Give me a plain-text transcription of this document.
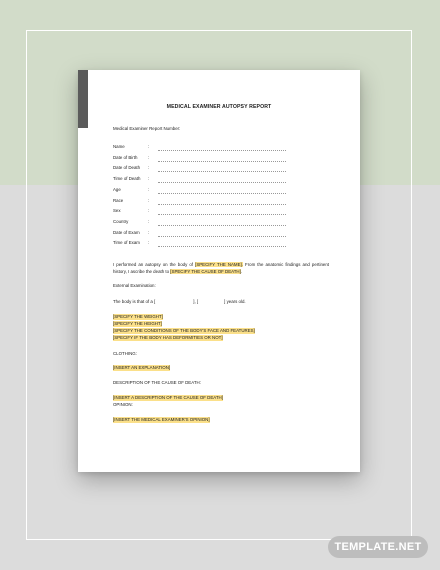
MEDICAL EXAMINER AUTOPSY REPORT
Medical Examiner Report Number:
Name	:
Date of Birth :
Date of Death :
Time of Death :
Age	:
Race	:
Sex	:
Country	:
Date of Exam :
Time of Exam :
I performed an autopsy on the body of [SPECIFY THE NAME]. From the anatomic findings and pertinent history, I ascribe the death to [SPECIFY THE CAUSE OF DEATH].
External Examination:
The body is that of a [	], [	] years old.
[SPECIFY THE WEIGHT]
[SPECIFY THE HEIGHT]
[SPECIFY THE CONDITIONS OF THE BODY'S FACE AND FEATURES]
[SPECIFY IF THE BODY HAS DEFORMITIES OR NOT]
CLOTHING:
[INSERT AN EXPLANATION]
DESCRIPTION OF THE CAUSE OF DEATH:
[INSERT A DESCRIPTION OF THE CAUSE OF DEATH]
OPINION:
[INSERT THE MEDICAL EXAMINER'S OPINION]
TEMPLATE.NET
